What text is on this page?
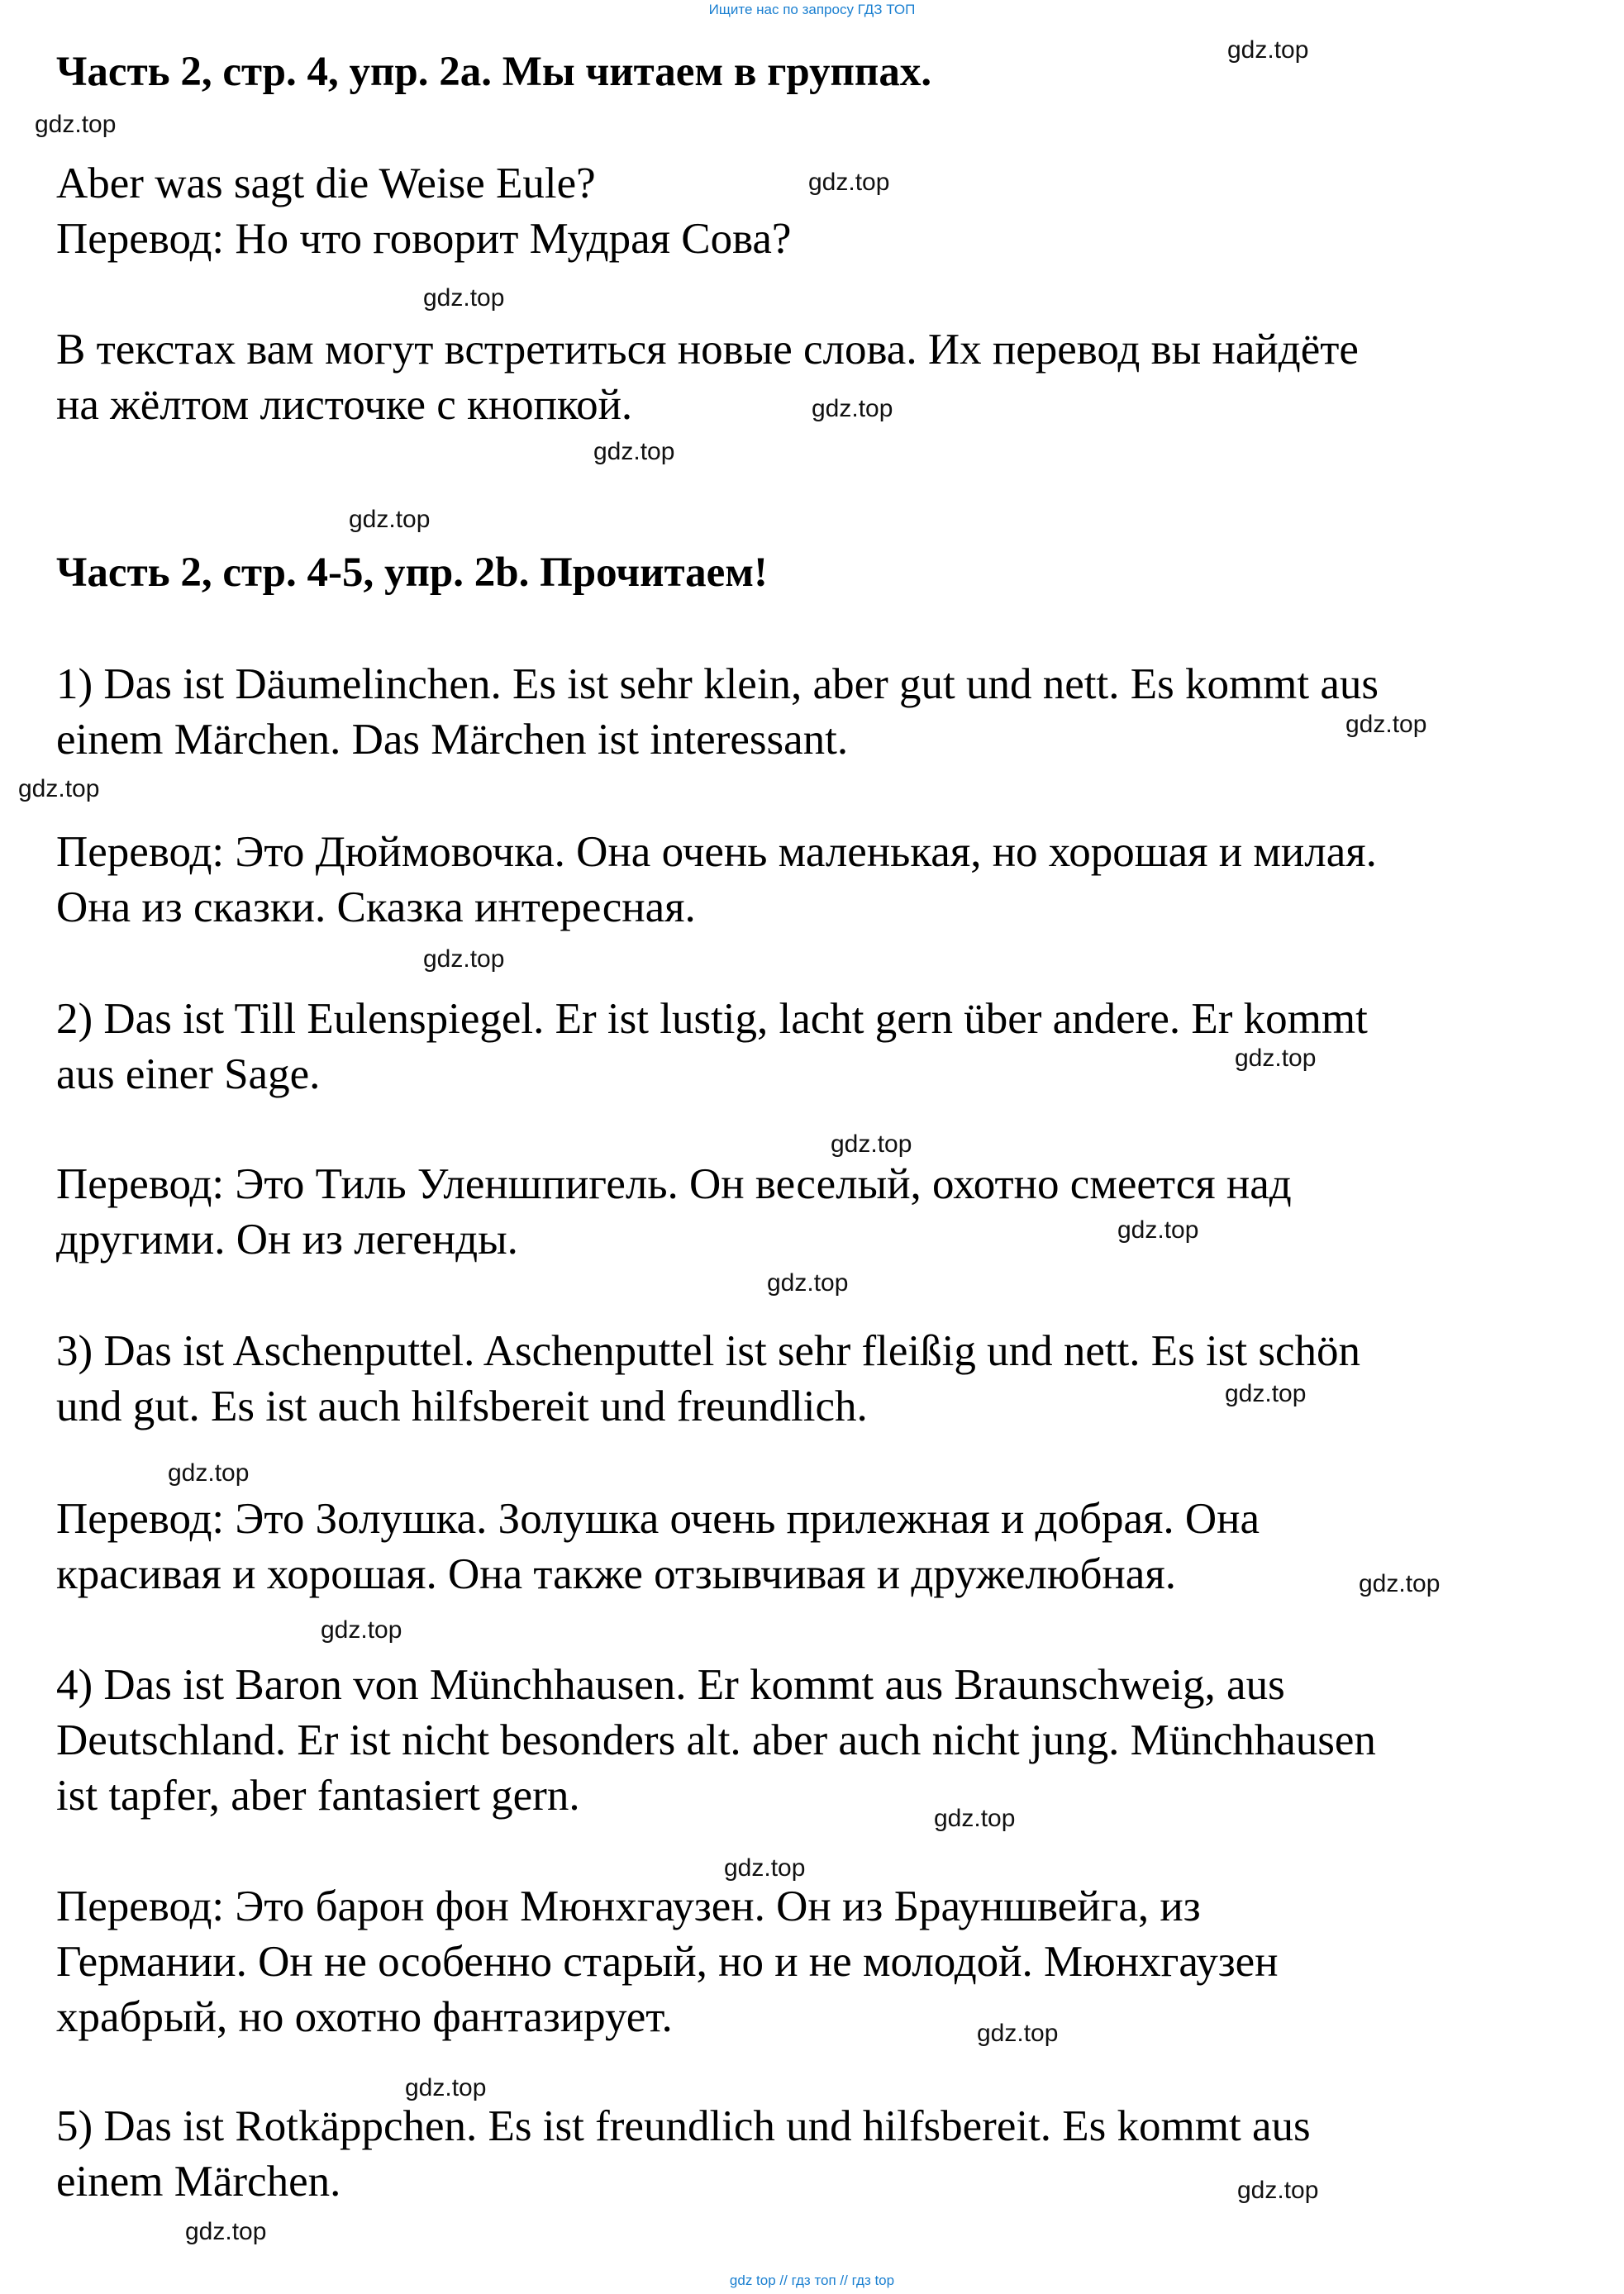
Ищите нас по запросу ГДЗ ТОП
Часть 2, стр. 4, упр. 2a. Мы читаем в группах.
Aber was sagt die Weise Eule?
Перевод: Но что говорит Мудрая Сова?
В текстах вам могут встретиться новые слова. Их перевод вы найдёте
на жёлтом листочке с кнопкой.
Часть 2, стр. 4-5, упр. 2b. Прочитаем!
1) Das ist Däumelinchen. Es ist sehr klein, aber gut und nett. Es kommt aus
einem Märchen. Das Märchen ist interessant.
Перевод: Это Дюймовочка. Она очень маленькая, но хорошая и милая.
Она из сказки. Сказка интересная.
2) Das ist Till Eulenspiegel. Er ist lustig, lacht gern über andere. Er kommt
aus einer Sage.
Перевод: Это Тиль Уленшпигель. Он веселый, охотно смеется над
другими. Он из легенды.
3) Das ist Aschenputtel. Aschenputtel ist sehr fleißig und nett. Es ist schön
und gut. Es ist auch hilfsbereit und freundlich.
Перевод: Это Золушка. Золушка очень прилежная и добрая. Она
красивая и хорошая. Она также отзывчивая и дружелюбная.
4) Das ist Baron von Münchhausen. Er kommt aus Braunschweig, aus
Deutschland. Er ist nicht besonders alt. aber auch nicht jung. Münchhausen
ist tapfer, aber fantasiert gern.
Перевод: Это барон фон Мюнхгаузен. Он из Брауншвейга, из
Германии. Он не особенно старый, но и не молодой. Мюнхгаузен
храбрый, но охотно фантазирует.
5) Das ist Rotkäppchen. Es ist freundlich und hilfsbereit. Es kommt aus
einem Märchen.
gdz.top
gdz.top
gdz.top
gdz.top
gdz.top
gdz.top
gdz.top
gdz.top
gdz.top
gdz.top
gdz.top
gdz.top
gdz.top
gdz.top
gdz.top
gdz.top
gdz.top
gdz.top
gdz.top
gdz.top
gdz.top
gdz.top
gdz.top
gdz.top
gdz top // гдз топ // гдз top
